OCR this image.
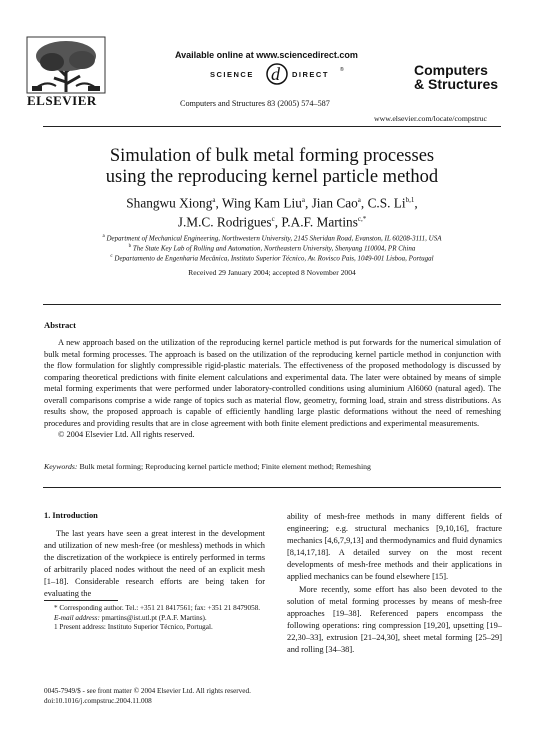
ELSEVIER
Available online at www.sciencedirect.com
SCIENCE d DIRECT ®
Computers and Structures 83 (2005) 574–587
Computers
& Structures
www.elsevier.com/locate/compstruc
Simulation of bulk metal forming processes
using the reproducing kernel particle method
Shangwu Xiong$^a$, Wing Kam Liu$^a$, Jian Cao$^a$, C.S. Li$^{b,1}$,
J.M.C. Rodrigues$^c$, P.A.F. Martins$^{c,*}$
$^a$ Department of Mechanical Engineering, Northwestern University, 2145 Sheridan Road, Evanston, IL 60208-3111, USA
$^b$ The State Key Lab of Rolling and Automation, Northeastern University, Shenyang 110004, PR China
$^c$ Departamento de Engenharia Mecânica, Instituto Superior Técnico, Av. Rovisco Pais, 1049-001 Lisboa, Portugal
Received 29 January 2004; accepted 8 November 2004
Abstract

A new approach based on the utilization of the reproducing kernel particle method is put forwards for the numerical simulation of bulk metal forming processes. The approach is based on the utilization of the reproducing kernel particle method in conjunction with the flow formulation for slightly compressible rigid-plastic materials. The effectiveness of the proposed methodology is discussed by comparing theoretical predictions with finite element calculations and experimental data. The later were obtained by means of simple metal forming experiments that were performed under laboratory-controlled conditions using aluminium Al6060 (natural aged). The overall comparisons comprise a wide range of topics such as material flow, geometry, forming load, strain and stress distributions. As results show, the proposed approach is capable of efficiently handling large plastic deformations without the need of remeshing procedures and providing results that are in close agreement with both finite element predictions and experimental measurements.

© 2004 Elsevier Ltd. All rights reserved.

Keywords: Bulk metal forming; Reproducing kernel particle method; Finite element method; Remeshing
1. Introduction

The last years have seen a great interest in the development and utilization of new mesh-free (or meshless) methods in which the discretization of the workpiece is entirely performed in terms of arbitrarily placed nodes without the need of an explicit mesh [1–18]. Considerable research efforts are being taken for evaluating the

* Corresponding author. Tel.: +351 21 8417561; fax: +351 21 8479058.

E-mail address: pmartins@ist.utl.pt (P.A.F. Martins).

1 Present address: Instituto Superior Técnico, Portugal.

ability of mesh-free methods in many different fields of engineering; e.g. structural mechanics [9,10,16], fracture mechanics [4,6,7,9,13] and thermodynamics and fluid dynamics [8,14,17,18]. A detailed survey on the most recent developments of mesh-free methods and their applications in applied mechanics can be found elsewhere [15].

More recently, some effort has also been devoted to the solution of metal forming processes by means of mesh-free approaches [19–38]. Referenced papers encompass the following operations: ring compression [19,20], upsetting [19–22,30–33], extrusion [21–24,30], sheet metal forming [25–29] and rolling [34–38].

0045-7949/$ - see front matter © 2004 Elsevier Ltd. All rights reserved.
doi:10.1016/j.compstruc.2004.11.008
